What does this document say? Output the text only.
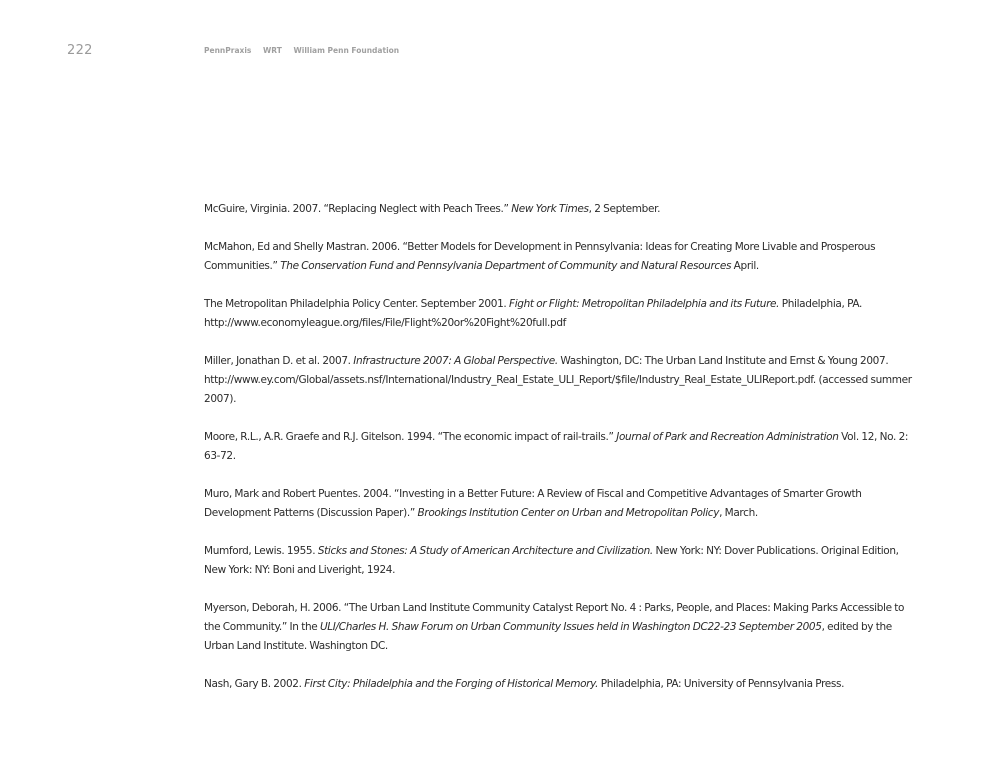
222	PennPraxis WRT William Penn Foundation

McGuire, Virginia. 2007. “Replacing Neglect with Peach Trees.” New York Times, 2 September.

McMahon, Ed and Shelly Mastran. 2006. “Better Models for Development in Pennsylvania: Ideas for Creating More Livable and Prosperous Communities.” The Conservation Fund and Pennsylvania Department of Community and Natural Resources April.

The Metropolitan Philadelphia Policy Center. September 2001. Fight or Flight: Metropolitan Philadelphia and its Future. Philadelphia, PA. http://www.economyleague.org/files/File/Flight%20or%20Fight%20full.pdf

Miller, Jonathan D. et al. 2007. Infrastructure 2007: A Global Perspective. Washington, DC: The Urban Land Institute and Ernst & Young 2007. http://www.ey.com/Global/assets.nsf/International/Industry_Real_Estate_ULI_Report/$file/Industry_Real_Estate_ULIReport.pdf. (accessed summer 2007).

Moore, R.L., A.R. Graefe and R.J. Gitelson. 1994. “The economic impact of rail-trails.” Journal of Park and Recreation Administration Vol. 12, No. 2: 63-72.

Muro, Mark and Robert Puentes. 2004. “Investing in a Better Future: A Review of Fiscal and Competitive Advantages of Smarter Growth Development Patterns (Discussion Paper).” Brookings Institution Center on Urban and Metropolitan Policy, March.

Mumford, Lewis. 1955. Sticks and Stones: A Study of American Architecture and Civilization. New York: NY: Dover Publications. Original Edition, New York: NY: Boni and Liveright, 1924.

Myerson, Deborah, H. 2006. “The Urban Land Institute Community Catalyst Report No. 4 : Parks, People, and Places: Making Parks Accessible to the Community.” In the ULI/Charles H. Shaw Forum on Urban Community Issues held in Washington DC22-23 September 2005, edited by the Urban Land Institute. Washington DC.

Nash, Gary B. 2002. First City: Philadelphia and the Forging of Historical Memory. Philadelphia, PA: University of Pennsylvania Press.
